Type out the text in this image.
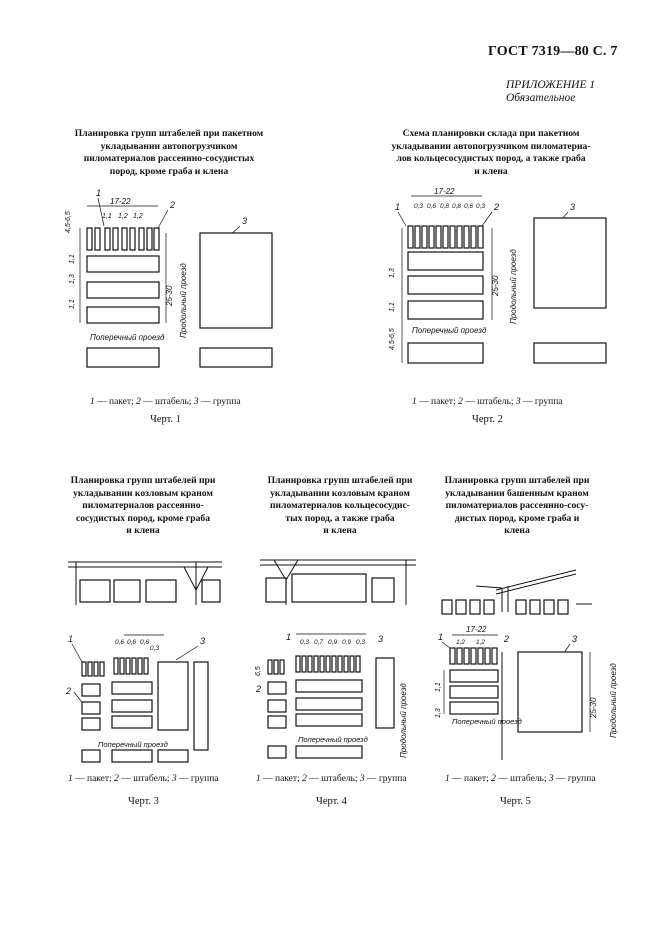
ГОСТ 7319—80 С. 7
ПРИЛОЖЕНИЕ 1
Обязательное
Планировка групп штабелей при пакетном
укладывании автопогрузчиком
пиломатериалов рассеянно-сосудистых
пород, кроме граба и клена
17-22
4,5-6,5	1,1 1,2 1,2
1
2
3
1,1
1,3
1,1	25-30 Продольный проезд
Поперечный проезд
1 — пакет; 2 — штабель; 3 — группа
Черт. 1
Схема планировки склада при пакетном
укладывании автопогрузчиком пиломатериа-
лов кольцесосудистых пород, а также граба
и клена
17-22
0,3 0,6 0,8 0,8 0,6 0,3
1	2	3
1,3
1,1
4,5-6,5
25-30 Продольный проезд
Поперечный проезд
1 — пакет; 2 — штабель; 3 — группа
Черт. 2
Планировка групп штабелей при
укладывании козловым краном
пиломатериалов рассеянно-
сосудистых пород, кроме граба
и клена
0,6 0,6 0,6
0,3
1
2
3
Поперечный проезд
1 — пакет; 2 — штабель; 3 — группа
Черт. 3
Планировка групп штабелей при
укладывании козловым краном
пиломатериалов кольцесосудис-
тых пород, а также граба
и клена
0,3 0,7 0,9 0,9 0,3
6,5
2
3
1
Поперечный проезд	Продольный проезд
1 — пакет; 2 — штабель; 3 — группа
Черт. 4
Планировка групп штабелей при
укладывании башенным краном
пиломатериалов рассеянно-сосу-
дистых пород, кроме граба и
клена
17-22
1,2 1,2
1	2	3
1,1
1,3	25-30 Продольный проезд
Поперечный проезд
1 — пакет; 2 — штабель; 3 — группа
Черт. 5
